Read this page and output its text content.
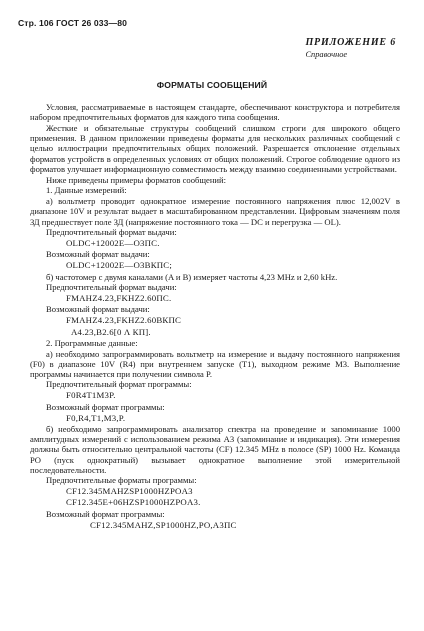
Стр. 106 ГОСТ 26 033—80
ПРИЛОЖЕНИЕ 6
Справочное
ФОРМАТЫ СООБЩЕНИЙ
Условия, рассматриваемые в настоящем стандарте, обеспечивают конструктора и потребителя набором предпочтительных форматов для каждого типа сообщения.
Жесткие и обязательные структуры сообщений слишком строги для широкого общего применения. В данном приложении приведены форматы для нескольких различных сообщений с целью иллюстрации предпочтительных общих положений. Разрешается отклонение отдельных форматов устройств в определенных условиях от общих положений. Строгое соблюдение одного из форматов улучшает информационную совместимость между взаимно соединенными устройствами.
Ниже приведены примеры форматов сообщений:
1. Данные измерений:
а) вольтметр проводит однократное измерение постоянного напряжения плюс 12,002V в диапазоне 10V и результат выдает в масштабированном представлении. Цифровым значениям поля ЗД предшествует поле ЗД (напряжение постоянного тока — DC и перегрузка — OL).
Предпочтительный формат выдачи:
OLDC+12002E—O3ПС.
Возможный формат выдачи:
OLDC+12002E—O3BКПС;
б) частотомер с двумя каналами (A и B) измеряет частоты 4,23 MHz и 2,60 kHz.
Предпочтительный формат выдачи:
FMAHZ4.23,FKHZ2.60ПС.
Возможный формат выдачи:
FMAHZ4.23,FKHZ2.60BКПС
A4.23,B2.6[0 Λ КП].
2. Программные данные:
а) необходимо запрограммировать вольтметр на измерение и выдачу постоянного напряжения (F0) в диапазоне 10V (R4) при внутреннем запуске (T1), выходном режиме M3. Выполнение программы начинается при получении символа P.
Предпочтительный формат программы:
F0R4T1M3P.
Возможный формат программы:
F0,R4,T1,M3,P.
б) необходимо запрограммировать анализатор спектра на проведение и запоминание 1000 амплитудных измерений с использованием режима A3 (запоминание и индикация). Эти измерения должны быть относительно центральной частоты (CF) 12.345 MHz в полосе (SP) 1000 Hz. Команда PO (пуск однократный) вызывает однократное выполнение этой измерительной последовательности.
Предпочтительные форматы программы:
CF12.345MAHZSP1000HZPOA3
CF12.345E+06HZSP1000HZPOA3.
Возможный формат программы:
CF12.345MAHZ,SP1000HZ,PO,A3ПС
